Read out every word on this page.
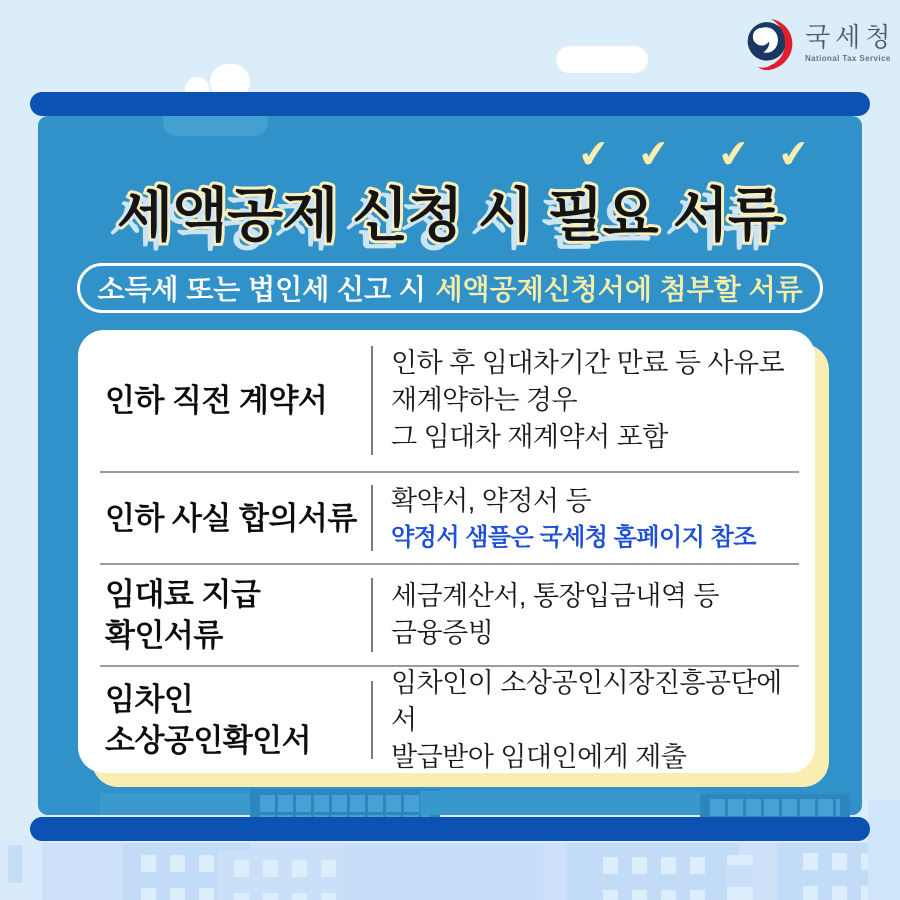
✔ ✔ ✔ ✔
세액공제 신청 시 필요 서류
소득세 또는 법인세 신고 시 세액공제신청서에 첨부할 서류
인하 직전 계약서
인하 후 임대차기간 만료 등 사유로
재계약하는 경우
그 임대차 재계약서 포함
인하 사실 합의서류	확약서, 약정서 등
약정서 샘플은 국세청 홈페이지 참조
임대료 지급
확인서류
세금계산서, 통장입금내역 등
금융증빙
임차인
소상공인확인서
임차인이 소상공인시장진흥공단에서
발급받아 임대인에게 제출
국세청
National Tax Service
